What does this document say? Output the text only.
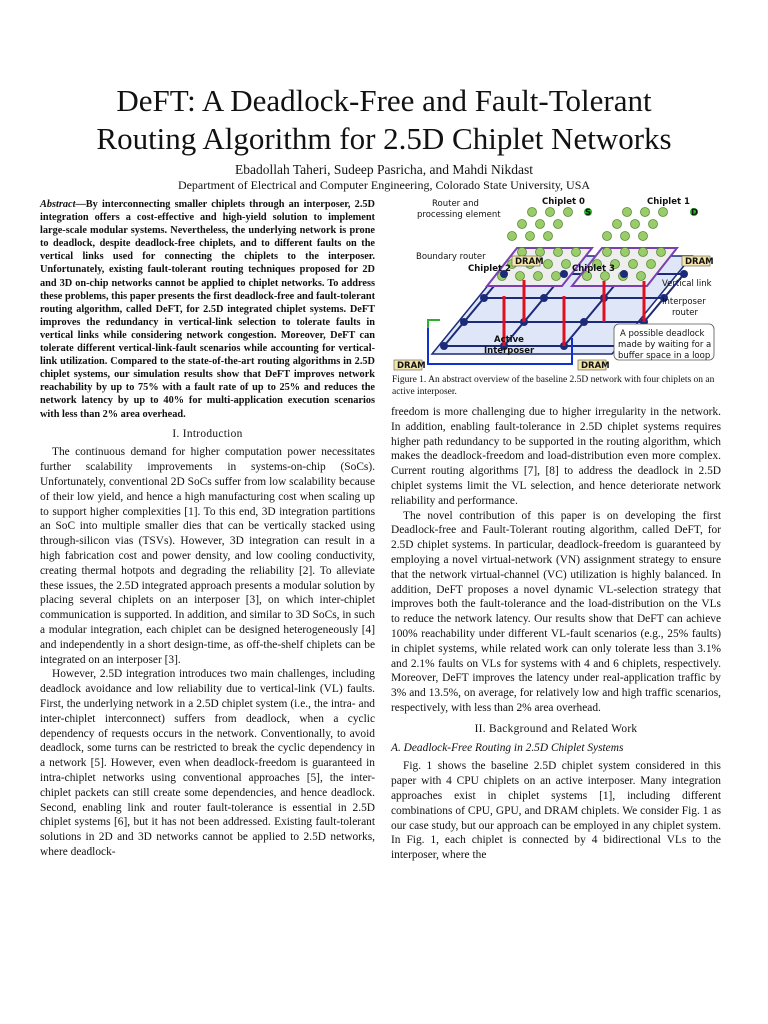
DeFT: A Deadlock-Free and Fault-Tolerant
Routing Algorithm for 2.5D Chiplet Networks
Ebadollah Taheri, Sudeep Pasricha, and Mahdi Nikdast
Department of Electrical and Computer Engineering, Colorado State University, USA
Abstract—By interconnecting smaller chiplets through an interposer, 2.5D integration offers a cost-effective and high-yield solution to implement large-scale modular systems. Nevertheless, the underlying network is prone to deadlock, despite deadlock-free chiplets, and to different faults on the vertical links used for connecting the chiplets to the interposer. Unfortunately, existing fault-tolerant routing techniques proposed for 2D and 3D on-chip networks cannot be applied to chiplet networks. To address these problems, this paper presents the first deadlock-free and fault-tolerant routing algorithm, called DeFT, for 2.5D integrated chiplet systems. DeFT improves the redundancy in vertical-link selection to tolerate faults in vertical links while considering network congestion. Moreover, DeFT can tolerate different vertical-link-fault scenarios while accounting for vertical-link utilization. Compared to the state-of-the-art routing algorithms in 2.5D chiplet systems, our simulation results show that DeFT improves network reachability by up to 75% with a fault rate of up to 25% and reduces the network latency by up to 40% for multi-application execution scenarios with less than 2% area overhead.
I. Introduction

The continuous demand for higher computation power necessitates further scalability improvements in systems-on-chip (SoCs). Unfortunately, conventional 2D SoCs suffer from low scalability because of their low yield, and hence a high manufacturing cost when scaling up to support higher complexities [1]. To this end, 3D integration partitions an SoC into multiple smaller dies that can be vertically stacked using through-silicon vias (TSVs). However, 3D integration can result in a high fabrication cost and power density, and low cooling conductivity, creating thermal hotpots and degrading the reliability [2]. To alleviate these issues, the 2.5D integrated approach presents a modular solution by placing several chiplets on an interposer [3], on which inter-chiplet communication is supported. In addition, and similar to 3D SoCs, in such a modular integration, each chiplet can be designed heterogeneously [4] and independently in a short design-time, as off-the-shelf chiplets can be integrated on an interposer [3].

However, 2.5D integration introduces two main challenges, including deadlock avoidance and low reliability due to vertical-link (VL) faults. First, the underlying network in a 2.5D chiplet system (i.e., the intra- and inter-chiplet interconnect) suffers from deadlock, when a cyclic dependency of requests occurs in the network. Conventionally, to avoid deadlock, some turns can be restricted to break the cyclic dependency in a network [5]. However, even when deadlock-freedom is guaranteed in intra-chiplet networks using conventional approaches [5], the inter-chiplet packets can still create some dependencies, and hence deadlock. Second, enabling link and router fault-tolerance is essential in 2.5D chiplet systems [6], but it has not been addressed. Existing fault-tolerant solutions in 2D and 3D networks cannot be applied to 2.5D networks, where deadlock-

DRAM	DRAM
DRAM
DRAM
Router and
processing element
Boundary router
Chiplet 0	Chiplet 1
Chiplet 2	Chiplet 3
Vertical link
Interposer
router
Active
Interposer
A possible deadlock
made by waiting for a
buffer space in a loop
S	D
Figure 1. An abstract overview of the baseline 2.5D network with four chiplets on an active interposer.

freedom is more challenging due to higher irregularity in the network. In addition, enabling fault-tolerance in 2.5D chiplet systems requires higher path redundancy to be supported in the routing algorithm, which makes the deadlock-freedom and load-distribution even more complex. Current routing algorithms [7], [8] to address the deadlock in 2.5D chiplet systems limit the VL selection, and hence deteriorate network reliability and performance.

The novel contribution of this paper is on developing the first Deadlock-free and Fault-Tolerant routing algorithm, called DeFT, for 2.5D chiplet systems. In particular, deadlock-freedom is guaranteed by employing a novel virtual-network (VN) assignment strategy to ensure that the network virtual-channel (VC) utilization is highly balanced. In addition, DeFT proposes a novel dynamic VL-selection strategy that improves both the fault-tolerance and the load-distribution on the VLs to reduce the network latency. Our results show that DeFT can achieve 100% reachability under different VL-fault scenarios (e.g., 25% faults) in chiplet systems, while related work can only tolerate less than 3.1% and 2.1% faults on VLs for systems with 4 and 6 chiplets, respectively. Moreover, DeFT improves the latency under real-application traffic by 3% and 13.5%, on average, for relatively low and high traffic scenarios, respectively, with less than 2% area overhead.

II. Background and Related Work
A. Deadlock-Free Routing in 2.5D Chiplet Systems

Fig. 1 shows the baseline 2.5D chiplet system considered in this paper with 4 CPU chiplets on an active interposer. Many integration approaches exist in chiplet systems [1], including different combinations of CPU, GPU, and DRAM chiplets. We consider Fig. 1 as our case study, but our approach can be employed in any chiplet system. In Fig. 1, each chiplet is connected by 4 bidirectional VLs to the interposer, where the
